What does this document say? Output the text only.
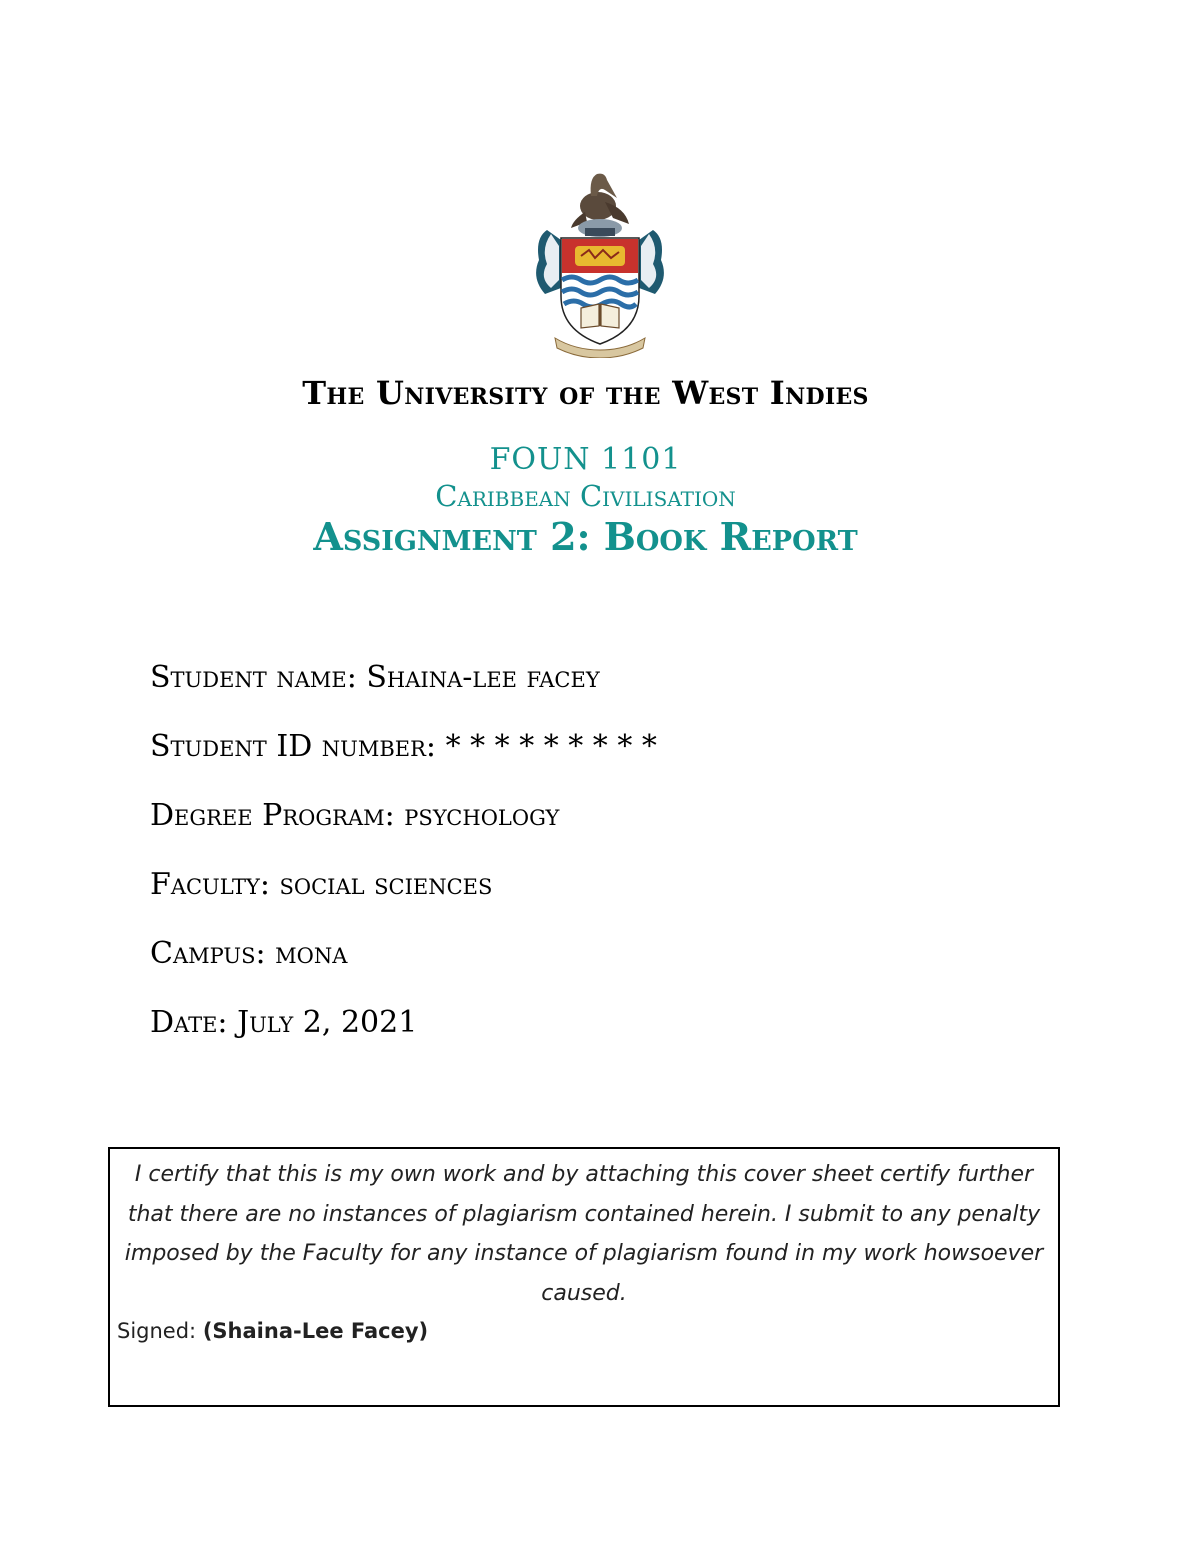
The University of the West Indies
FOUN 1101
Caribbean Civilisation
Assignment 2: Book Report
Student name: Shaina-lee facey
Student ID number: * * * * * * * * *
Degree Program: psychology
Faculty: social sciences
Campus: mona
Date: July 2, 2021
I certify that this is my own work and by attaching this cover sheet certify further that there are no instances of plagiarism contained herein. I submit to any penalty imposed by the Faculty for any instance of plagiarism found in my work howsoever caused.
Signed: (Shaina-Lee Facey)
